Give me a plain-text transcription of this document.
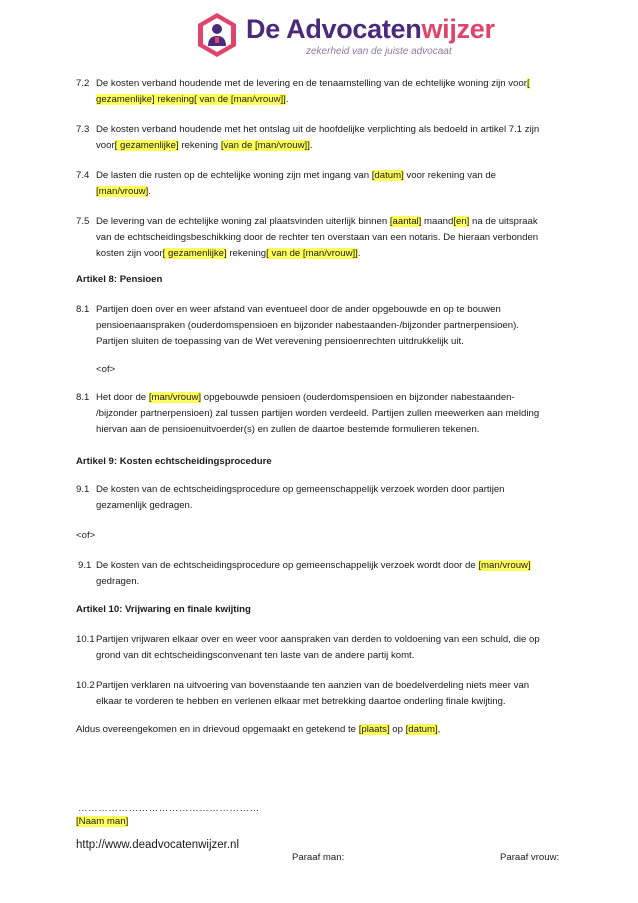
De Advocatenwijzer
zekerheid van de juiste advocaat
7.2 De kosten verband houdende met de levering en de tenaamstelling van de echtelijke woning zijn voor[
gezamenlijke] rekening[ van de [man/vrouw]].
7.3 De kosten verband houdende met het ontslag uit de hoofdelijke verplichting als bedoeld in artikel 7.1 zijn
voor[ gezamenlijke] rekening [van de [man/vrouw]].
7.4 De lasten die rusten op de echtelijke woning zijn met ingang van [datum] voor rekening van de
[man/vrouw].
7.5 De levering van de echtelijke woning zal plaatsvinden uiterlijk binnen [aantal] maand[en] na de uitspraak
van de echtscheidingsbeschikking door de rechter ten overstaan van een notaris. De hieraan verbonden
kosten zijn voor[ gezamenlijke] rekening[ van de [man/vrouw]].
Artikel 8: Pensioen
8.1 Partijen doen over en weer afstand van eventueel door de ander opgebouwde en op te bouwen
pensioenaanspraken (ouderdomspensioen en bijzonder nabestaanden-/bijzonder partnerpensioen).
Partijen sluiten de toepassing van de Wet verevening pensioenrechten uitdrukkelijk uit.
<of>
8.1 Het door de [man/vrouw] opgebouwde pensioen (ouderdomspensioen en bijzonder nabestaanden-
/bijzonder partnerpensioen) zal tussen partijen worden verdeeld. Partijen zullen meewerken aan melding
hiervan aan de pensioenuitvoerder(s) en zullen de daartoe bestemde formulieren tekenen.
Artikel 9: Kosten echtscheidingsprocedure
9.1 De kosten van de echtscheidingsprocedure op gemeenschappelijk verzoek worden door partijen
gezamenlijk gedragen.
<of>
9.1 De kosten van de echtscheidingsprocedure op gemeenschappelijk verzoek wordt door de [man/vrouw]
gedragen.
Artikel 10: Vrijwaring en finale kwijting
10.1 Partijen vrijwaren elkaar over en weer voor aanspraken van derden to voldoening van een schuld, die op
grond van dit echtscheidingsconvenant ten laste van de andere partij komt.
10.2 Partijen verklaren na uitvoering van bovenstaande ten aanzien van de boedelverdeling niets meer van
elkaar te vorderen te hebben en verlenen elkaar met betrekking daartoe onderling finale kwijting.
Aldus overeengekomen en in drievoud opgemaakt en getekend te [plaats] op [datum],
………………………………………………
[Naam man]
http://www.deadvocatenwijzer.nl
Paraaf man:	Paraaf vrouw:
